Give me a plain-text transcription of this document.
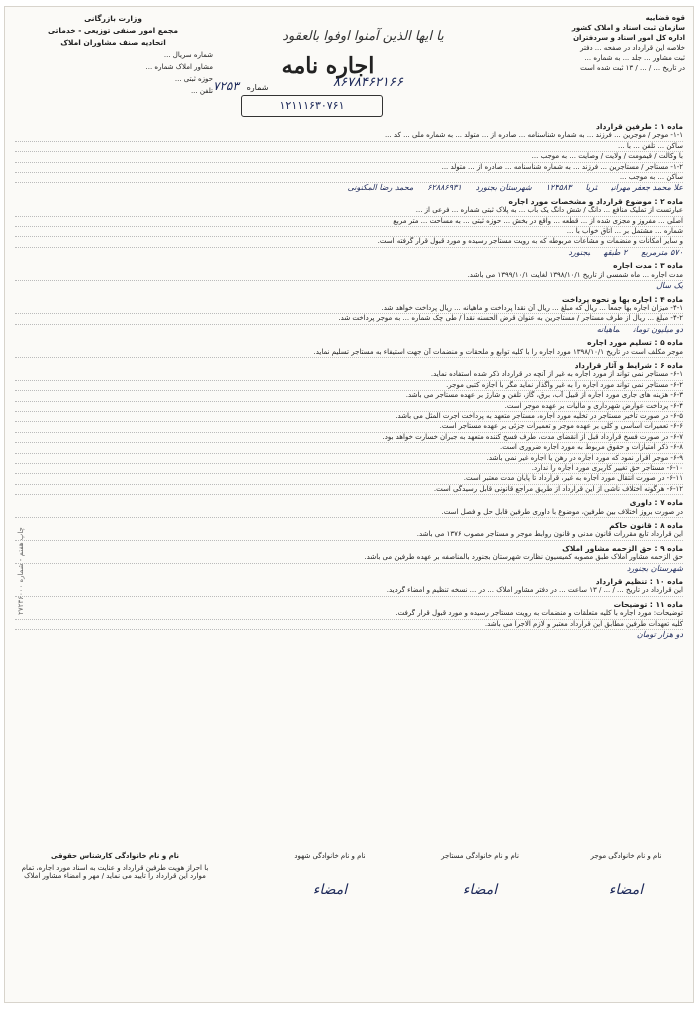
قوه قضاییه
سازمان ثبت اسناد و املاک کشور
اداره کل امور اسناد و سردفتران
خلاصه این قرارداد در صفحه ... دفتر
ثبت مشاور ... جلد ... به شماره ...
در تاریخ ... / ... / ۱۳ ثبت شده است
وزارت بازرگانی
مجمع امور صنفی توزیعی - خدماتی
اتحادیه صنف مشاوران املاک
شماره سریال ...
مشاور املاک شماره ...
حوزه ثبتی ...
تلفن ...
یا ایها الذین آمنوا اوفوا بالعقود
اجاره نامه
شماره ۷۲۵۳	۸۶۷۸۴۶۲۱۶۶
۱۲۱۱۱۶۳۰۷۶۱
ماده ۱ : طرفین قرارداد
۱-۱- موجر / موجرین ... فرزند ... به شماره شناسنامه ... صادره از ... متولد ... به شماره ملی ... کد ...
ساکن ... تلفن ... با ...
با وکالت / قیمومت / ولایت / وصایت ... به موجب ...
۱-۲- مستاجر / مستاجرین ... فرزند ... به شماره شناسنامه ... صادره از ... متولد ...
ساکن ... به موجب ...
علا محمد جعفر مهرانیثریا۱۲۴۵۸۳شهرستان بجنورد۶۲۸۸۶۹۳۱محمد رضا المکنونی
ماده ۲ : موضوع قرارداد و مشخصات مورد اجاره
عبارتست از تملیک منافع ... دانگ / شش دانگ یک باب ... به پلاک ثبتی شماره ... فرعی از ...
اصلی ... مفروز و مجزی شده از ... قطعه ... واقع در بخش ... حوزه ثبتی ... به مساحت ... متر مربع
شماره ... مشتمل بر ... اتاق خواب با ...
و سایر امکانات و منضمات و مشاعات مربوطه که به رویت مستاجر رسیده و مورد قبول قرار گرفته است.
۵۷۰ مترمربع۲ طبقهبجنورد
ماده ۳ : مدت اجاره
مدت اجاره ... ماه شمسی از تاریخ ۱۳۹۸/۱۰/۱ لغایت ۱۳۹۹/۱۰/۱ می باشد.
یک سال
ماده ۴ : اجاره بها و نحوه پرداخت
۴-۱- میزان اجاره بها جمعاً ... ریال که مبلغ ... ریال آن نقداً پرداخت و ماهیانه ... ریال پرداخت خواهد شد.
۴-۲- مبلغ ... ریال از طرف مستاجر / مستاجرین به عنوان قرض الحسنه نقداً / طی چک شماره ... به موجر پرداخت شد.
دو میلیون تومانماهیانه
ماده ۵ : تسلیم مورد اجاره
موجر مکلف است در تاریخ ۱۳۹۸/۱۰/۱ مورد اجاره را با کلیه توابع و ملحقات و منضمات آن جهت استیفاء به مستاجر تسلیم نماید.
ماده ۶ : شرایط و آثار قرارداد
۶-۱- مستاجر نمی تواند از مورد اجاره به غیر از آنچه در قرارداد ذکر شده استفاده نماید.
۶-۲- مستاجر نمی تواند مورد اجاره را به غیر واگذار نماید مگر با اجازه کتبی موجر.
۶-۳- هزینه های جاری مورد اجاره از قبیل آب، برق، گاز، تلفن و شارژ بر عهده مستاجر می باشد.
۶-۴- پرداخت عوارض شهرداری و مالیات بر عهده موجر است.
۶-۵- در صورت تاخیر مستاجر در تخلیه مورد اجاره، مستاجر متعهد به پرداخت اجرت المثل می باشد.
۶-۶- تعمیرات اساسی و کلی بر عهده موجر و تعمیرات جزئی بر عهده مستاجر است.
۶-۷- در صورت فسخ قرارداد قبل از انقضای مدت، طرف فسخ کننده متعهد به جبران خسارت خواهد بود.
۶-۸- ذکر امتیازات و حقوق مربوط به مورد اجاره ضروری است.
۶-۹- موجر اقرار نمود که مورد اجاره در رهن یا اجاره غیر نمی باشد.
۶-۱۰- مستاجر حق تغییر کاربری مورد اجاره را ندارد.
۶-۱۱- در صورت انتقال مورد اجاره به غیر، قرارداد تا پایان مدت معتبر است.
۶-۱۲- هرگونه اختلاف ناشی از این قرارداد از طریق مراجع قانونی قابل رسیدگی است.
ماده ۷ : داوری
در صورت بروز اختلاف بین طرفین، موضوع با داوری طرفین قابل حل و فصل است.
ماده ۸ : قانون حاکم
این قرارداد تابع مقررات قانون مدنی و قانون روابط موجر و مستاجر مصوب ۱۳۷۶ می باشد.
ماده ۹ : حق الزحمه مشاور املاک
حق الزحمه مشاور املاک طبق مصوبه کمیسیون نظارت شهرستان بجنورد بالمناصفه بر عهده طرفین می باشد.
شهرستان بجنورد
ماده ۱۰ : تنظیم قرارداد
این قرارداد در تاریخ ... / ... / ۱۳ ساعت ... در دفتر مشاور املاک ... در ... نسخه تنظیم و امضاء گردید.
ماده ۱۱ : توضیحات
توضیحات: مورد اجاره با کلیه متعلقات و منضمات به رویت مستاجر رسیده و مورد قبول قرار گرفت.
کلیه تعهدات طرفین مطابق این قرارداد معتبر و لازم الاجرا می باشد.
دو هزار تومان
نام و نام خانوادگی موجر
امضاء
نام و نام خانوادگی مستاجر
امضاء
نام و نام خانوادگی شهود
امضاء
نام و نام خانوادگی کارشناس حقوقی
با احراز هویت طرفین قرارداد و عنایت به اسناد مورد اجاره، تمام موارد این قرارداد را تایید می نماید / مهر و امضاء مشاور املاک
چاپ هفتم - شماره ۲۷۲۳۶۰۰۰
